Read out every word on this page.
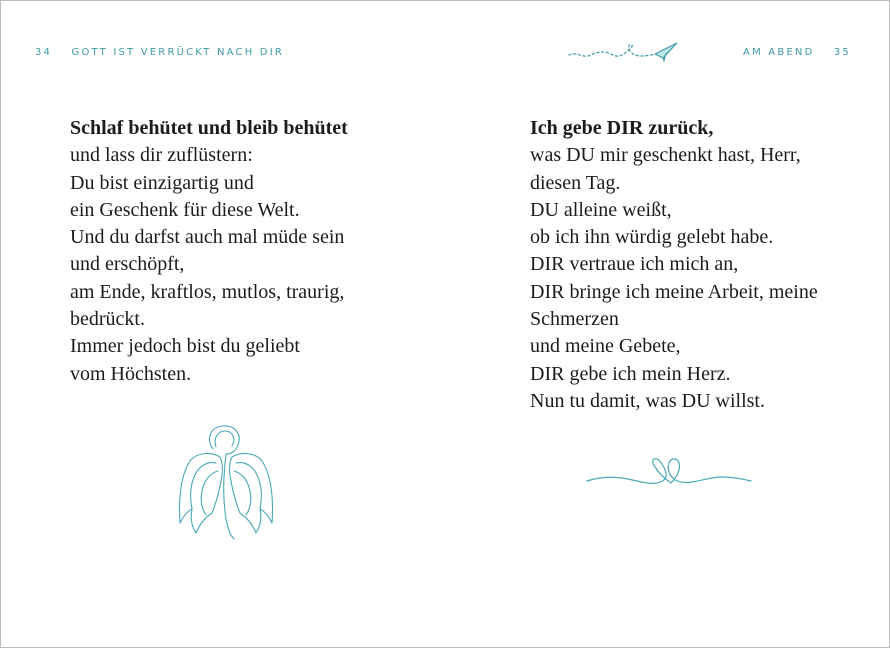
34 GOTT IST VERRÜCKT NACH DIR	AM ABEND 35
Schlaf behütet und bleib behütet
und lass dir zuflüstern:
Du bist einzigartig und
ein Geschenk für diese Welt.
Und du darfst auch mal müde sein
und erschöpft,
am Ende, kraftlos, mutlos, traurig,
bedrückt.
Immer jedoch bist du geliebt
vom Höchsten.
Ich gebe DIR zurück,
was DU mir geschenkt hast, Herr,
diesen Tag.
DU alleine weißt,
ob ich ihn würdig gelebt habe.
DIR vertraue ich mich an,
DIR bringe ich meine Arbeit, meine
Schmerzen
und meine Gebete,
DIR gebe ich mein Herz.
Nun tu damit, was DU willst.
